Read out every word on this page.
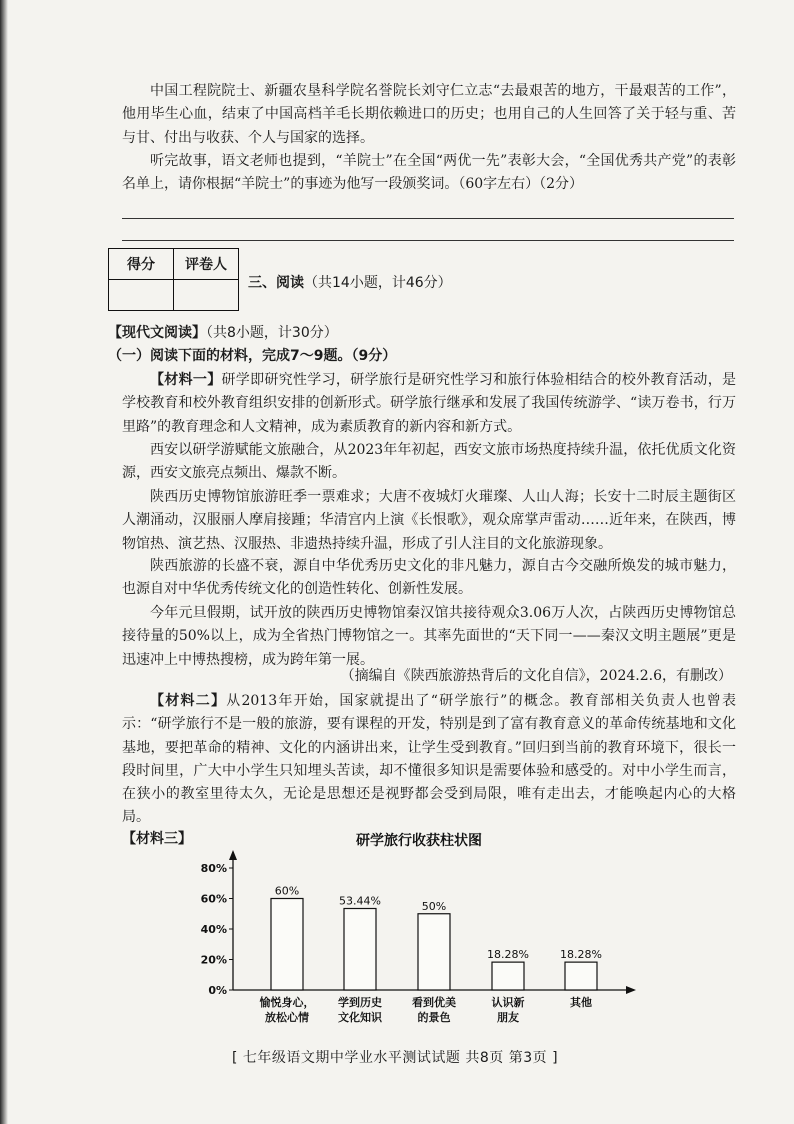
中国工程院院士、新疆农垦科学院名誉院长刘守仁立志“去最艰苦的地方，干最艰苦的工作”，他用毕生心血，结束了中国高档羊毛长期依赖进口的历史；也用自己的人生回答了关于轻与重、苦与甘、付出与收获、个人与国家的选择。

听完故事，语文老师也提到，“羊院士”在全国“两优一先”表彰大会，“全国优秀共产党”的表彰名单上，请你根据“羊院士”的事迹为他写一段颁奖词。（60字左右）（2分）

得分	评卷人

三、阅读（共14小题，计46分）
【现代文阅读】（共8小题，计30分）
（一）阅读下面的材料，完成7～9题。（9分）

【材料一】研学即研究性学习，研学旅行是研究性学习和旅行体验相结合的校外教育活动，是学校教育和校外教育组织安排的创新形式。研学旅行继承和发展了我国传统游学、“读万卷书，行万里路”的教育理念和人文精神，成为素质教育的新内容和新方式。

西安以研学游赋能文旅融合，从2023年年初起，西安文旅市场热度持续升温，依托优质文化资源，西安文旅亮点频出、爆款不断。

陕西历史博物馆旅游旺季一票难求；大唐不夜城灯火璀璨、人山人海；长安十二时辰主题街区人潮涌动，汉服丽人摩肩接踵；华清宫内上演《长恨歌》，观众席掌声雷动……近年来，在陕西，博物馆热、演艺热、汉服热、非遗热持续升温，形成了引人注目的文化旅游现象。

陕西旅游的长盛不衰，源自中华优秀历史文化的非凡魅力，源自古今交融所焕发的城市魅力，也源自对中华优秀传统文化的创造性转化、创新性发展。

今年元旦假期，试开放的陕西历史博物馆秦汉馆共接待观众3.06万人次，占陕西历史博物馆总接待量的50%以上，成为全省热门博物馆之一。其率先面世的“天下同一——秦汉文明主题展”更是迅速冲上中博热搜榜，成为跨年第一展。

（摘编自《陕西旅游热背后的文化自信》，2024.2.6，有删改）

【材料二】从2013年开始，国家就提出了“研学旅行”的概念。教育部相关负责人也曾表示：“研学旅行不是一般的旅游，要有课程的开发，特别是到了富有教育意义的革命传统基地和文化基地，要把革命的精神、文化的内涵讲出来，让学生受到教育。”回归到当前的教育环境下，很长一段时间里，广大中小学生只知埋头苦读，却不懂很多知识是需要体验和感受的。对中小学生而言，在狭小的教室里待太久，无论是思想还是视野都会受到局限，唯有走出去，才能唤起内心的大格局。

【材料三】	研学旅行收获柱状图
0%
20%
40%
60%
80%
60%
愉悦身心，
放松心情
53.44%
学到历史
文化知识
50%
看到优美
的景色
18.28%
认识新
朋友
18.28%
其他
[ 七年级语文期中学业水平测试试题 共8页 第3页 ]
